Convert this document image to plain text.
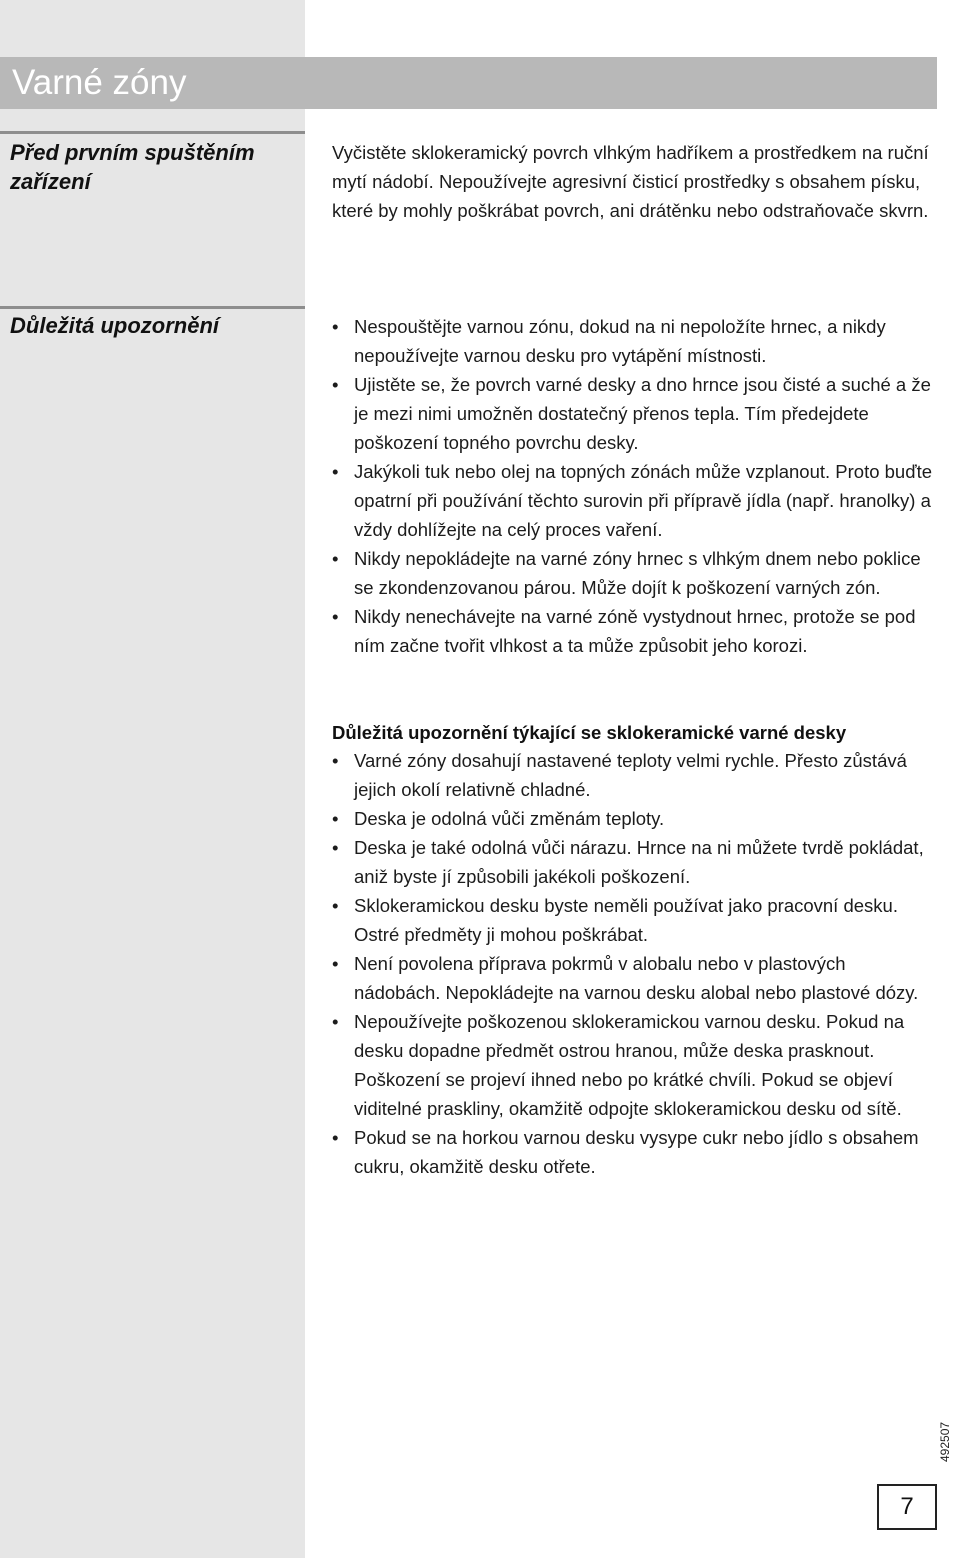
Varné zóny
Před prvním spuštěním zařízení

Vyčistěte sklokeramický povrch vlhkým hadříkem a prostředkem na ruční mytí nádobí. Nepoužívejte agresivní čisticí prostředky s obsahem písku, které by mohly poškrábat povrch, ani drátěnku nebo odstraňovače skvrn.

Důležitá upozornění
•	Nespouštějte varnou zónu, dokud na ni nepoložíte hrnec, a nikdy nepoužívejte varnou desku pro vytápění místnosti.
• Ujistěte se, že povrch varné desky a dno hrnce jsou čisté a suché a že je mezi nimi umožněn dostatečný přenos tepla. Tím předejdete poškození topného povrchu desky.
• Jakýkoli tuk nebo olej na topných zónách může vzplanout. Proto buďte opatrní při používání těchto surovin při přípravě jídla (např. hranolky) a vždy dohlížejte na celý proces vaření.
• Nikdy nepokládejte na varné zóny hrnec s vlhkým dnem nebo poklice se zkondenzovanou párou. Může dojít k poškození varných zón.
• Nikdy nenechávejte na varné zóně vystydnout hrnec, protože se pod ním začne tvořit vlhkost a ta může způsobit jeho korozi.
Důležitá upozornění týkající se sklokeramické varné desky
• Varné zóny dosahují nastavené teploty velmi rychle. Přesto zůstává jejich okolí relativně chladné.
• Deska je odolná vůči změnám teploty.
• Deska je také odolná vůči nárazu. Hrnce na ni můžete tvrdě pokládat, aniž byste jí způsobili jakékoli poškození.
• Sklokeramickou desku byste neměli používat jako pracovní desku. Ostré předměty ji mohou poškrábat.
• Není povolena příprava pokrmů v alobalu nebo v plastových nádobách. Nepokládejte na varnou desku alobal nebo plastové dózy.
• Nepoužívejte poškozenou sklokeramickou varnou desku. Pokud na desku dopadne předmět ostrou hranou, může deska prasknout. Poškození se projeví ihned nebo po krátké chvíli. Pokud se objeví viditelné praskliny, okamžitě odpojte sklokeramickou desku od sítě.
• Pokud se na horkou varnou desku vysype cukr nebo jídlo s obsahem cukru, okamžitě desku otřete.
492507
7
